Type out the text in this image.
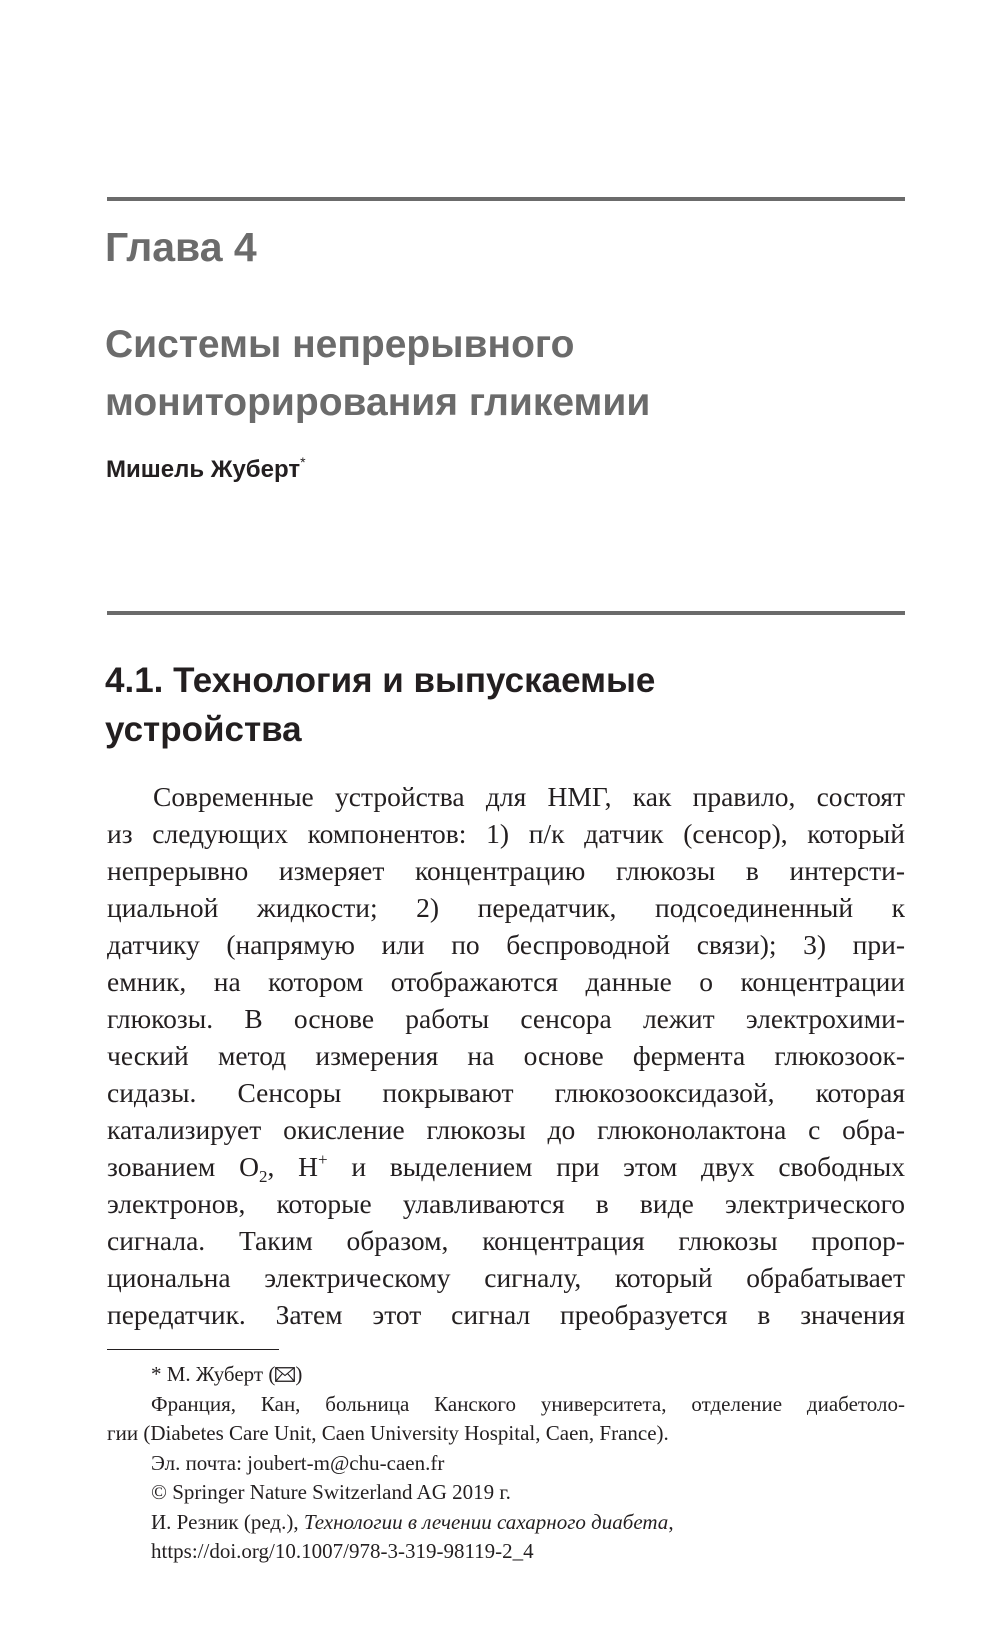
Глава 4
Системы непрерывного
мониторирования гликемии

Мишель Жуберт*

4.1. Технология и выпускаемые
устройства
Современные устройства для НМГ, как правило, состоят
из следующих компонентов: 1) п/к датчик (сенсор), который
непрерывно измеряет концентрацию глюкозы в интерсти-
циальной жидкости; 2) передатчик, подсоединенный к
датчику (напрямую или по беспроводной связи); 3) при-
емник, на котором отображаются данные о концентрации
глюкозы. В основе работы сенсора лежит электрохими-
ческий метод измерения на основе фермента глюкозоок-
сидазы. Сенсоры покрывают глюкозооксидазой, которая
катализирует окисление глюкозы до глюконолактона с обра-
зованием $O_2$, H+ и выделением при этом двух свободных
электронов, которые улавливаются в виде электрического
сигнала. Таким образом, концентрация глюкозы пропор-
циональна электрическому сигналу, который обрабатывает
передатчик. Затем этот сигнал преобразуется в значения
* М. Жуберт ( )
Франция, Кан, больница Канского университета, отделение диабетоло-
гии (Diabetes Care Unit, Caen University Hospital, Caen, France).
Эл. почта: joubert-m@chu-caen.fr
© Springer Nature Switzerland AG 2019 г.
И. Резник (ред.), Технологии в лечении сахарного диабета,
https://doi.org/10.1007/978-3-319-98119-2_4
